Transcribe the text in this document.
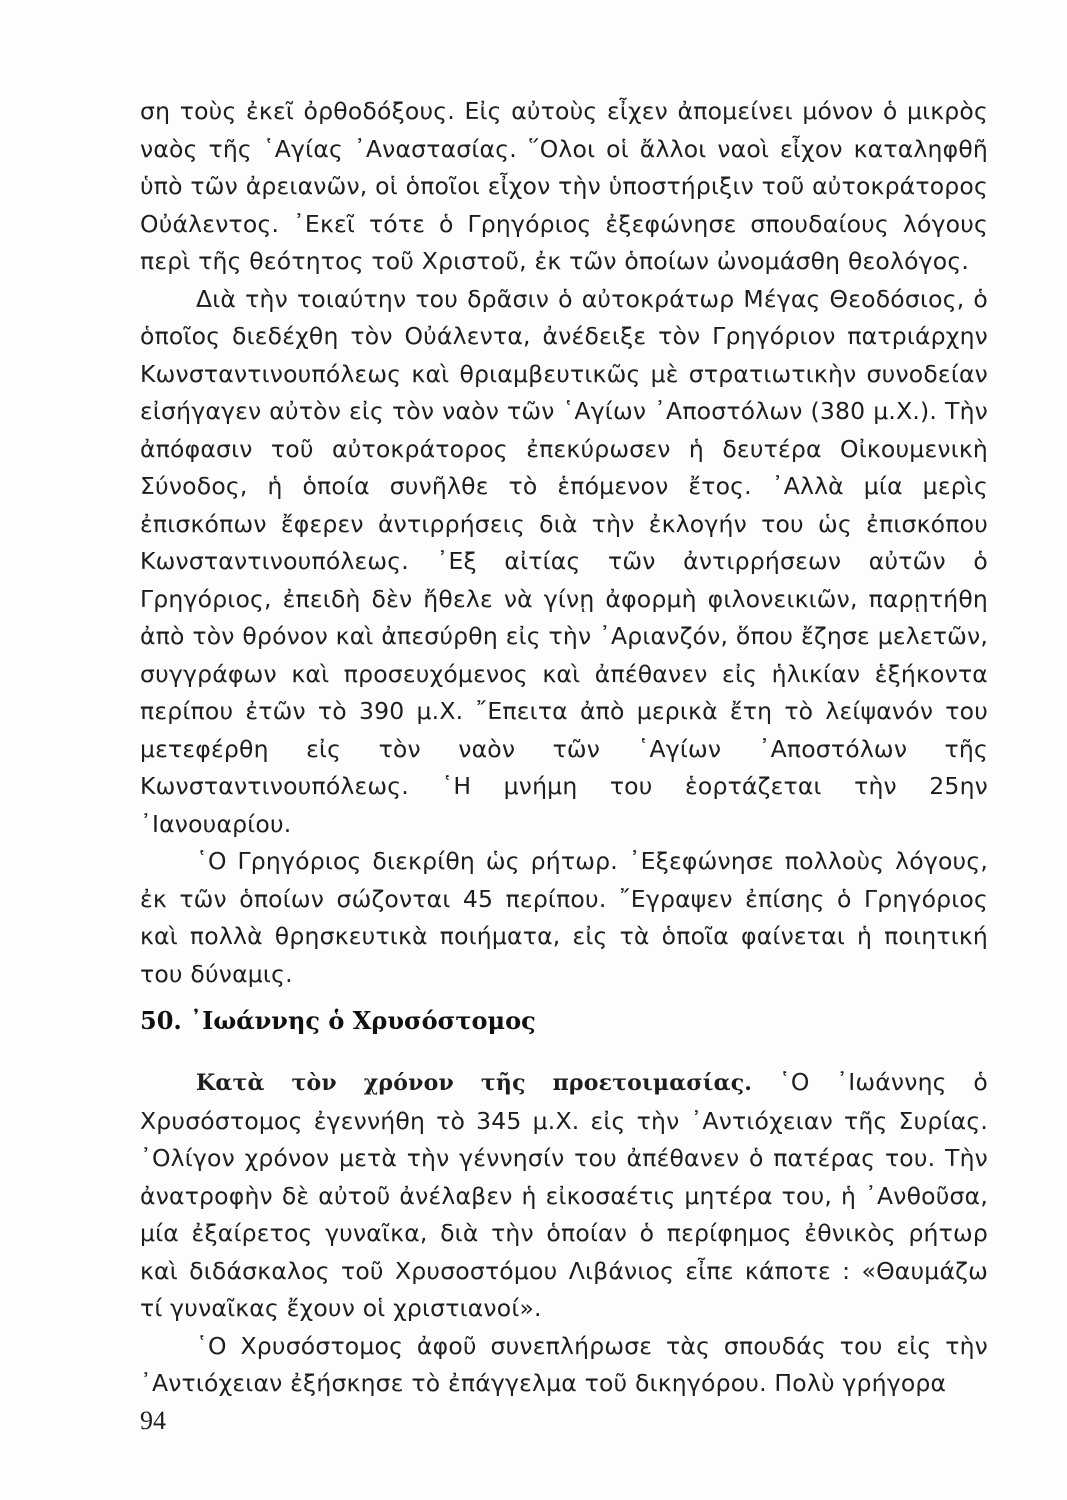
ση τοὺς ἐκεῖ ὀρθοδόξους. Εἰς αὐτοὺς εἶχεν ἀπομείνει μόνον ὁ μικρὸς ναὸς τῆς ῾Αγίας ᾽Αναστασίας. ῞Ολοι οἱ ἄλλοι ναοὶ εἶχον καταληφθῆ ὑπὸ τῶν ἀρειανῶν, οἱ ὁποῖοι εἶχον τὴν ὑποστήριξιν τοῦ αὐτοκράτορος Οὐάλεντος. ᾽Εκεῖ τότε ὁ Γρηγόριος ἐξεφώνησε σπουδαίους λόγους περὶ τῆς θεότητος τοῦ Χριστοῦ, ἐκ τῶν ὁποίων ὠνομάσθη θεολόγος.

Διὰ τὴν τοιαύτην του δρᾶσιν ὁ αὐτοκράτωρ Μέγας Θεοδόσιος, ὁ ὁποῖος διεδέχθη τὸν Οὐάλεντα, ἀνέδειξε τὸν Γρηγόριον πατριάρχην Κωνσταντινουπόλεως καὶ θριαμβευτικῶς μὲ στρατιωτικὴν συνοδείαν εἰσήγαγεν αὐτὸν εἰς τὸν ναὸν τῶν ῾Αγίων ᾽Αποστόλων (380 μ.Χ.). Τὴν ἀπόφασιν τοῦ αὐτοκράτορος ἐπεκύρωσεν ἡ δευτέρα Οἰκουμενικὴ Σύνοδος, ἡ ὁποία συνῆλθε τὸ ἑπόμενον ἔτος. ᾽Αλλὰ μία μερὶς ἐπισκόπων ἔφερεν ἀντιρρήσεις διὰ τὴν ἐκλογήν του ὡς ἐπισκόπου Κωνσταντινουπόλεως. ᾽Εξ αἰτίας τῶν ἀντιρρήσεων αὐτῶν ὁ Γρηγόριος, ἐπειδὴ δὲν ἤθελε νὰ γίνῃ ἀφορμὴ φιλονεικιῶν, παρῃτήθη ἀπὸ τὸν θρόνον καὶ ἀπεσύρθη εἰς τὴν ᾽Αριανζόν, ὅπου ἔζησε μελετῶν, συγγράφων καὶ προσευχόμενος καὶ ἀπέθανεν εἰς ἡλικίαν ἑξήκοντα περίπου ἐτῶν τὸ 390 μ.Χ. ῎Επειτα ἀπὸ μερικὰ ἔτη τὸ λείψανόν του μετεφέρθη εἰς τὸν ναὸν τῶν ῾Αγίων ᾽Αποστόλων τῆς Κωνσταντινουπόλεως. ῾Η μνήμη του ἑορτάζεται τὴν 25ην ᾽Ιανουαρίου.

῾Ο Γρηγόριος διεκρίθη ὡς ρήτωρ. ᾽Εξεφώνησε πολλοὺς λόγους, ἐκ τῶν ὁποίων σώζονται 45 περίπου. ῎Εγραψεν ἐπίσης ὁ Γρηγόριος καὶ πολλὰ θρησκευτικὰ ποιήματα, εἰς τὰ ὁποῖα φαίνεται ἡ ποιητική του δύναμις.

50. ᾽Ιωάννης ὁ Χρυσόστομος

Κατὰ τὸν χρόνον τῆς προετοιμασίας. ῾Ο ᾽Ιωάννης ὁ Χρυσόστομος ἐγεννήθη τὸ 345 μ.Χ. εἰς τὴν ᾽Αντιόχειαν τῆς Συρίας. ᾽Ολίγον χρόνον μετὰ τὴν γέννησίν του ἀπέθανεν ὁ πατέρας του. Τὴν ἀνατροφὴν δὲ αὐτοῦ ἀνέλαβεν ἡ εἰκοσαέτις μητέρα του, ἡ ᾽Ανθοῦσα, μία ἐξαίρετος γυναῖκα, διὰ τὴν ὁποίαν ὁ περίφημος ἐθνικὸς ρήτωρ καὶ διδάσκαλος τοῦ Χρυσοστόμου Λιβάνιος εἶπε κάποτε : «Θαυμάζω τί γυναῖκας ἔχουν οἱ χριστιανοί».

῾Ο Χρυσόστομος ἀφοῦ συνεπλήρωσε τὰς σπουδάς του εἰς τὴν ᾽Αντιόχειαν ἐξήσκησε τὸ ἐπάγγελμα τοῦ δικηγόρου. Πολὺ γρήγορα

94
